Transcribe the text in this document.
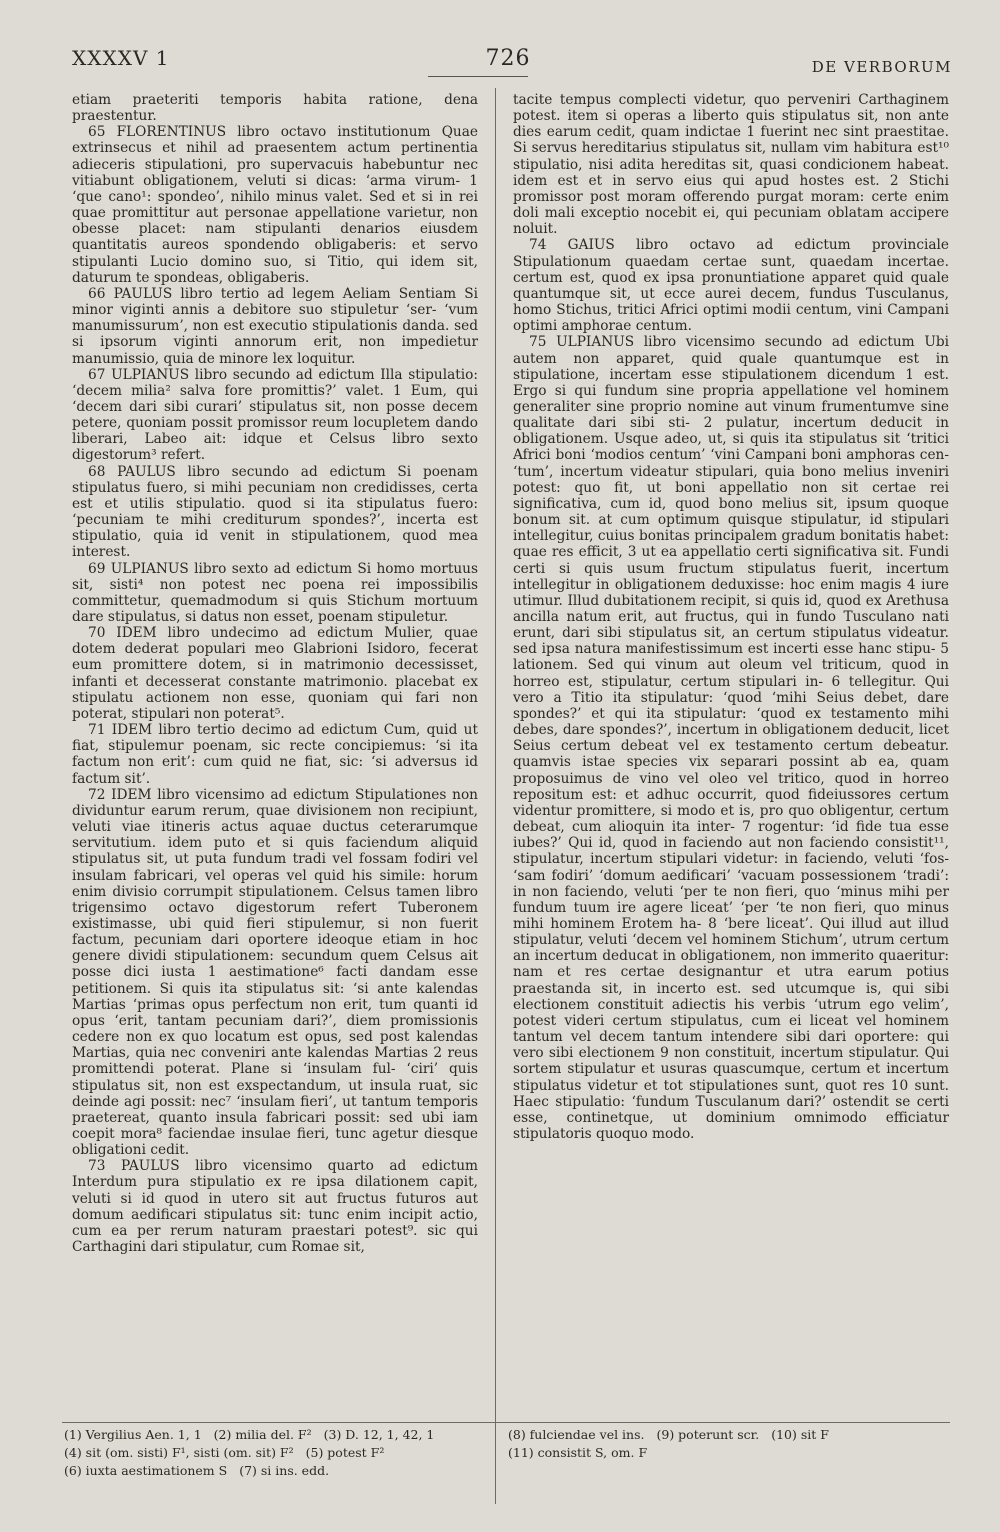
XXXXV 1	726	DE VERBORUM

etiam praeteriti temporis habita ratione, dena praestentur.

65 FLORENTINUS libro octavo institutionum Quae extrinsecus et nihil ad praesentem actum pertinentia adieceris stipulationi, pro supervacuis habebuntur nec vitiabunt obligationem, veluti si dicas: ‘arma virum- 1 ‘que cano¹: spondeo’, nihilo minus valet. Sed et si in rei quae promittitur aut personae appellatione varietur, non obesse placet: nam stipulanti denarios eiusdem quantitatis aureos spondendo obligaberis: et servo stipulanti Lucio domino suo, si Titio, qui idem sit, daturum te spondeas, obligaberis.

66 PAULUS libro tertio ad legem Aeliam Sentiam Si minor viginti annis a debitore suo stipuletur ‘ser- ‘vum manumissurum’, non est executio stipulationis danda. sed si ipsorum viginti annorum erit, non impedietur manumissio, quia de minore lex loquitur.

67 ULPIANUS libro secundo ad edictum Illa stipulatio: ‘decem milia² salva fore promittis?’ valet. 1 Eum, qui ‘decem dari sibi curari’ stipulatus sit, non posse decem petere, quoniam possit promissor reum locupletem dando liberari, Labeo ait: idque et Celsus libro sexto digestorum³ refert.

68 PAULUS libro secundo ad edictum Si poenam stipulatus fuero, si mihi pecuniam non credidisses, certa est et utilis stipulatio. quod si ita stipulatus fuero: ‘pecuniam te mihi crediturum spondes?’, incerta est stipulatio, quia id venit in stipulationem, quod mea interest.

69 ULPIANUS libro sexto ad edictum Si homo mortuus sit, sisti⁴ non potest nec poena rei impossibilis committetur, quemadmodum si quis Stichum mortuum dare stipulatus, si datus non esset, poenam stipuletur.

70 IDEM libro undecimo ad edictum Mulier, quae dotem dederat populari meo Glabrioni Isidoro, fecerat eum promittere dotem, si in matrimonio decessisset, infanti et decesserat constante matrimonio. placebat ex stipulatu actionem non esse, quoniam qui fari non poterat, stipulari non poterat⁵.

71 IDEM libro tertio decimo ad edictum Cum, quid ut fiat, stipulemur poenam, sic recte concipiemus: ‘si ita factum non erit’: cum quid ne fiat, sic: ‘si adversus id factum sit’.

72 IDEM libro vicensimo ad edictum Stipulationes non dividuntur earum rerum, quae divisionem non recipiunt, veluti viae itineris actus aquae ductus ceterarumque servitutium. idem puto et si quis faciendum aliquid stipulatus sit, ut puta fundum tradi vel fossam fodiri vel insulam fabricari, vel operas vel quid his simile: horum enim divisio corrumpit stipulationem. Celsus tamen libro trigensimo octavo digestorum refert Tuberonem existimasse, ubi quid fieri stipulemur, si non fuerit factum, pecuniam dari oportere ideoque etiam in hoc genere dividi stipulationem: secundum quem Celsus ait posse dici iusta 1 aestimatione⁶ facti dandam esse petitionem. Si quis ita stipulatus sit: ‘si ante kalendas Martias ‘primas opus perfectum non erit, tum quanti id opus ‘erit, tantam pecuniam dari?’, diem promissionis cedere non ex quo locatum est opus, sed post kalendas Martias, quia nec conveniri ante kalendas Martias 2 reus promittendi poterat. Plane si ‘insulam ful- ‘ciri’ quis stipulatus sit, non est exspectandum, ut insula ruat, sic deinde agi possit: nec⁷ ‘insulam fieri’, ut tantum temporis praetereat, quanto insula fabricari possit: sed ubi iam coepit mora⁸ faciendae insulae fieri, tunc agetur diesque obligationi cedit.

73 PAULUS libro vicensimo quarto ad edictum Interdum pura stipulatio ex re ipsa dilationem capit, veluti si id quod in utero sit aut fructus futuros aut domum aedificari stipulatus sit: tunc enim incipit actio, cum ea per rerum naturam praestari potest⁹. sic qui Carthagini dari stipulatur, cum Romae sit,

tacite tempus complecti videtur, quo perveniri Carthaginem potest. item si operas a liberto quis stipulatus sit, non ante dies earum cedit, quam indictae 1 fuerint nec sint praestitae. Si servus hereditarius stipulatus sit, nullam vim habitura est¹⁰ stipulatio, nisi adita hereditas sit, quasi condicionem habeat. idem est et in servo eius qui apud hostes est. 2 Stichi promissor post moram offerendo purgat moram: certe enim doli mali exceptio nocebit ei, qui pecuniam oblatam accipere noluit.

74 GAIUS libro octavo ad edictum provinciale Stipulationum quaedam certae sunt, quaedam incertae. certum est, quod ex ipsa pronuntiatione apparet quid quale quantumque sit, ut ecce aurei decem, fundus Tusculanus, homo Stichus, tritici Africi optimi modii centum, vini Campani optimi amphorae centum.

75 ULPIANUS libro vicensimo secundo ad edictum Ubi autem non apparet, quid quale quantumque est in stipulatione, incertam esse stipulationem dicendum 1 est. Ergo si qui fundum sine propria appellatione vel hominem generaliter sine proprio nomine aut vinum frumentumve sine qualitate dari sibi sti- 2 pulatur, incertum deducit in obligationem. Usque adeo, ut, si quis ita stipulatus sit ‘tritici Africi boni ‘modios centum’ ‘vini Campani boni amphoras cen- ‘tum’, incertum videatur stipulari, quia bono melius inveniri potest: quo fit, ut boni appellatio non sit certae rei significativa, cum id, quod bono melius sit, ipsum quoque bonum sit. at cum optimum quisque stipulatur, id stipulari intellegitur, cuius bonitas principalem gradum bonitatis habet: quae res efficit, 3 ut ea appellatio certi significativa sit. Fundi certi si quis usum fructum stipulatus fuerit, incertum intellegitur in obligationem deduxisse: hoc enim magis 4 iure utimur. Illud dubitationem recipit, si quis id, quod ex Arethusa ancilla natum erit, aut fructus, qui in fundo Tusculano nati erunt, dari sibi stipulatus sit, an certum stipulatus videatur. sed ipsa natura manifestissimum est incerti esse hanc stipu- 5 lationem. Sed qui vinum aut oleum vel triticum, quod in horreo est, stipulatur, certum stipulari in- 6 tellegitur. Qui vero a Titio ita stipulatur: ‘quod ‘mihi Seius debet, dare spondes?’ et qui ita stipulatur: ‘quod ex testamento mihi debes, dare spondes?’, incertum in obligationem deducit, licet Seius certum debeat vel ex testamento certum debeatur. quamvis istae species vix separari possint ab ea, quam proposuimus de vino vel oleo vel tritico, quod in horreo repositum est: et adhuc occurrit, quod fideiussores certum videntur promittere, si modo et is, pro quo obligentur, certum debeat, cum alioquin ita inter- 7 rogentur: ‘id fide tua esse iubes?’ Qui id, quod in faciendo aut non faciendo consistit¹¹, stipulatur, incertum stipulari videtur: in faciendo, veluti ‘fos- ‘sam fodiri’ ‘domum aedificari’ ‘vacuam possessionem ‘tradi’: in non faciendo, veluti ‘per te non fieri, quo ‘minus mihi per fundum tuum ire agere liceat’ ‘per ‘te non fieri, quo minus mihi hominem Erotem ha- 8 ‘bere liceat’. Qui illud aut illud stipulatur, veluti ‘decem vel hominem Stichum’, utrum certum an incertum deducat in obligationem, non immerito quaeritur: nam et res certae designantur et utra earum potius praestanda sit, in incerto est. sed utcumque is, qui sibi electionem constituit adiectis his verbis ‘utrum ego velim’, potest videri certum stipulatus, cum ei liceat vel hominem tantum vel decem tantum intendere sibi dari oportere: qui vero sibi electionem 9 non constituit, incertum stipulatur. Qui sortem stipulatur et usuras quascumque, certum et incertum stipulatus videtur et tot stipulationes sunt, quot res 10 sunt. Haec stipulatio: ‘fundum Tusculanum dari?’ ostendit se certi esse, continetque, ut dominium omnimodo efficiatur stipulatoris quoquo modo.

(1) Vergilius Aen. 1, 1 (2) milia del. F² (3) D. 12, 1, 42, 1(4) sit (om. sisti) F¹, sisti (om. sit) F² (5) potest F²(6) iuxta aestimationem S (7) si ins. edd.
(8) fulciendae vel ins. (9) poterunt scr. (10) sit F(11) consistit S, om. F
